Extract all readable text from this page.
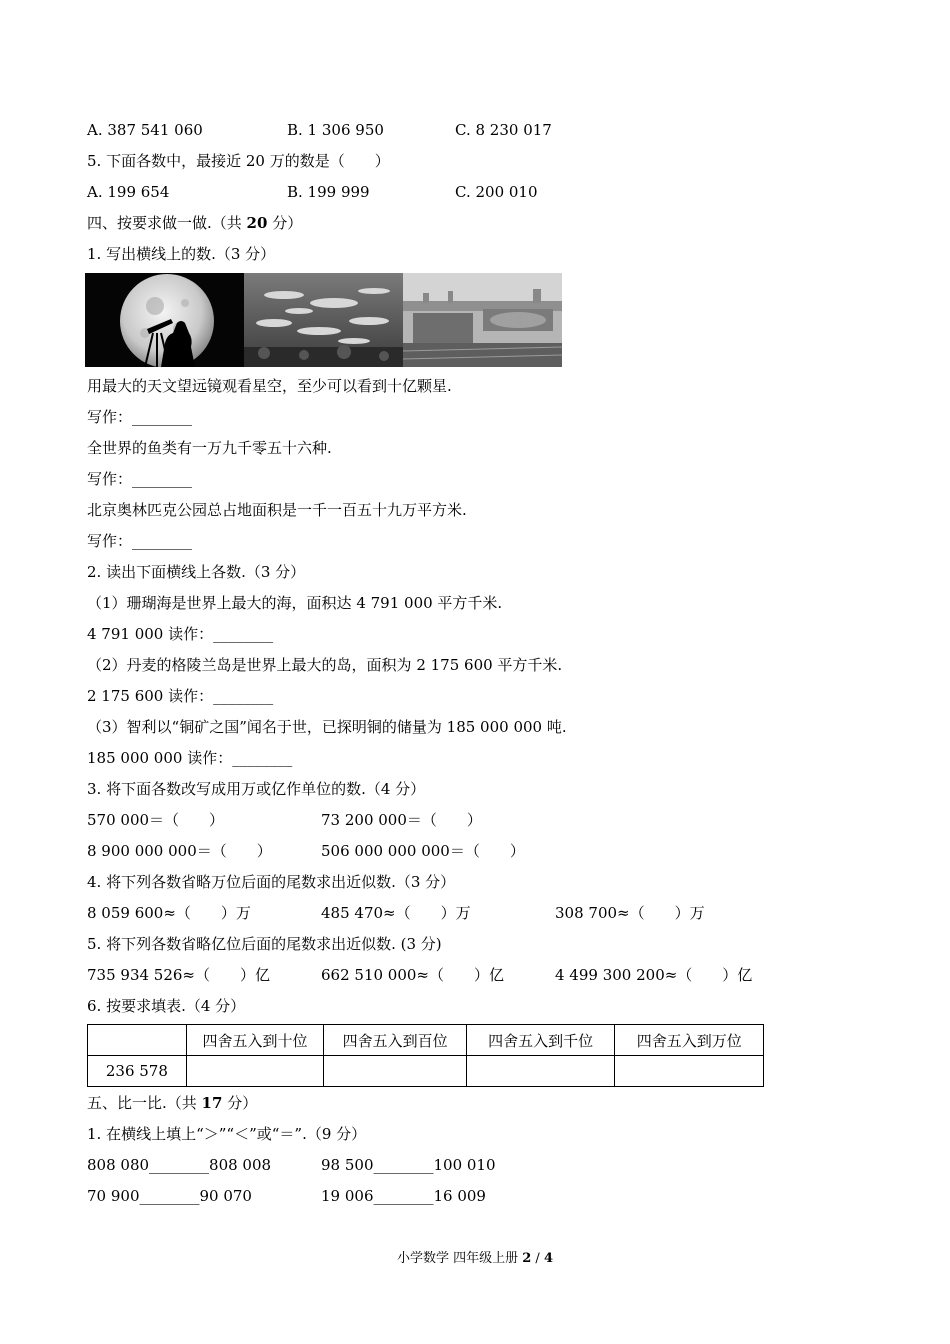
A. 387 541 060	B. 1 306 950	C. 8 230 017
5. 下面各数中，最接近 20 万的数是（　　）
A. 199 654	B. 199 999	C. 200 010
四、按要求做一做.（共 20 分）
1. 写出横线上的数.（3 分）
用最大的天文望远镜观看星空，至少可以看到十亿颗星.
写作：________
全世界的鱼类有一万九千零五十六种.
写作：________
北京奥林匹克公园总占地面积是一千一百五十九万平方米.
写作：________
2. 读出下面横线上各数.（3 分）
（1）珊瑚海是世界上最大的海，面积达 4 791 000 平方千米.
4 791 000 读作：________
（2）丹麦的格陵兰岛是世界上最大的岛，面积为 2 175 600 平方千米.
2 175 600 读作：________
（3）智利以“铜矿之国”闻名于世，已探明铜的储量为 185 000 000 吨.
185 000 000 读作：________
3. 将下面各数改写成用万或亿作单位的数.（4 分）
570 000＝（　　）	73 200 000＝（　　）
8 900 000 000＝（　　）	506 000 000 000＝（　　）
4. 将下列各数省略万位后面的尾数求出近似数.（3 分）
8 059 600≈（　　）万	485 470≈（　　）万	308 700≈（　　）万
5. 将下列各数省略亿位后面的尾数求出近似数. (3 分)
735 934 526≈（　　）亿	662 510 000≈（　　）亿	4 499 300 200≈（　　）亿
6. 按要求填表.（4 分）
	四舍五入到十位	四舍五入到百位	四舍五入到千位	四舍五入到万位
236 578				
五、比一比.（共 17 分）
1. 在横线上填上“＞”“＜”或“＝”.（9 分）
808 080________808 008	98 500________100 010
70 900________90 070	19 006________16 009
小学数学 四年级上册 2 / 4
